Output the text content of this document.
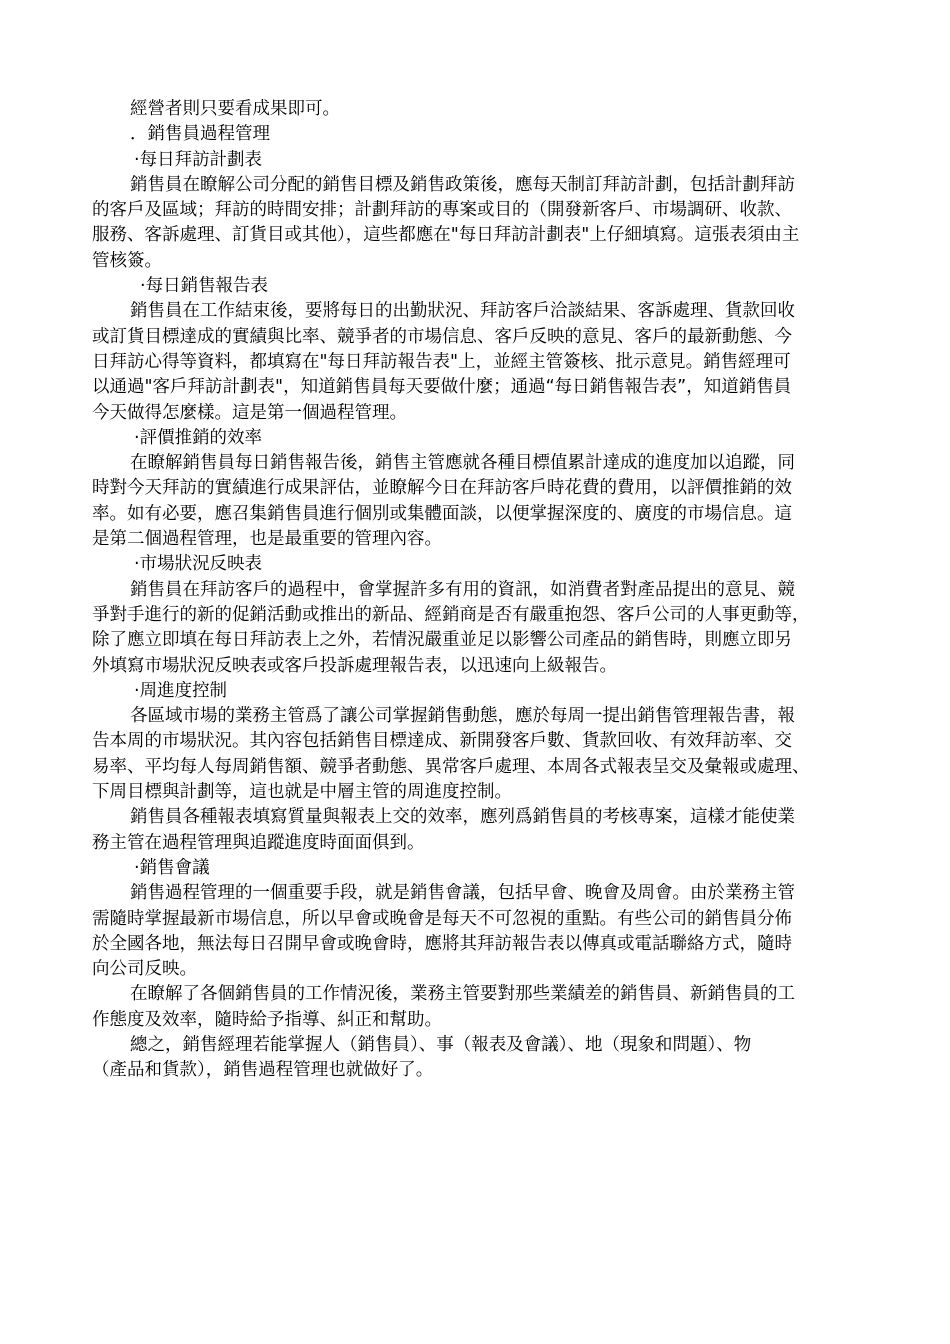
經營者則只要看成果即可。

．銷售員過程管理

·每日拜訪計劃表

銷售員在瞭解公司分配的銷售目標及銷售政策後，應每天制訂拜訪計劃，包括計劃拜訪

的客戶及區域；拜訪的時間安排；計劃拜訪的專案或目的（開發新客戶、市場調研、收款、

服務、客訴處理、訂貨目或其他），這些都應在"每日拜訪計劃表"上仔細填寫。這張表須由主

管核簽。

·每日銷售報告表

銷售員在工作結束後，要將每日的出勤狀況、拜訪客戶洽談結果、客訴處理、貨款回收

或訂貨目標達成的實績與比率、競爭者的市場信息、客戶反映的意見、客戶的最新動態、今

日拜訪心得等資料，都填寫在"每日拜訪報告表"上，並經主管簽核、批示意見。銷售經理可

以通過"客戶拜訪計劃表"，知道銷售員每天要做什麼；通過“每日銷售報告表”，知道銷售員

今天做得怎麼樣。這是第一個過程管理。

·評價推銷的效率

在瞭解銷售員每日銷售報告後，銷售主管應就各種目標值累計達成的進度加以追蹤，同

時對今天拜訪的實績進行成果評估，並瞭解今日在拜訪客戶時花費的費用，以評價推銷的效

率。如有必要，應召集銷售員進行個別或集體面談，以便掌握深度的、廣度的市場信息。這

是第二個過程管理，也是最重要的管理內容。

·市場狀況反映表

銷售員在拜訪客戶的過程中，會掌握許多有用的資訊，如消費者對產品提出的意見、競

爭對手進行的新的促銷活動或推出的新品、經銷商是否有嚴重抱怨、客戶公司的人事更動等，

除了應立即填在每日拜訪表上之外，若情況嚴重並足以影響公司產品的銷售時，則應立即另

外填寫市場狀況反映表或客戶投訴處理報告表，以迅速向上級報告。

·周進度控制

各區域市場的業務主管爲了讓公司掌握銷售動態，應於每周一提出銷售管理報告書，報

告本周的市場狀況。其內容包括銷售目標達成、新開發客戶數、貨款回收、有效拜訪率、交

易率、平均每人每周銷售額、競爭者動態、異常客戶處理、本周各式報表呈交及彙報或處理、

下周目標與計劃等，這也就是中層主管的周進度控制。

銷售員各種報表填寫質量與報表上交的效率，應列爲銷售員的考核專案，這樣才能使業

務主管在過程管理與追蹤進度時面面俱到。

·銷售會議

銷售過程管理的一個重要手段，就是銷售會議，包括早會、晚會及周會。由於業務主管

需隨時掌握最新市場信息，所以早會或晚會是每天不可忽視的重點。有些公司的銷售員分佈

於全國各地，無法每日召開早會或晚會時，應將其拜訪報告表以傳真或電話聯絡方式，隨時

向公司反映。

在瞭解了各個銷售員的工作情況後，業務主管要對那些業績差的銷售員、新銷售員的工

作態度及效率，隨時給予指導、糾正和幫助。

總之，銷售經理若能掌握人（銷售員）、事（報表及會議）、地（現象和問題）、物

（產品和貨款），銷售過程管理也就做好了。
